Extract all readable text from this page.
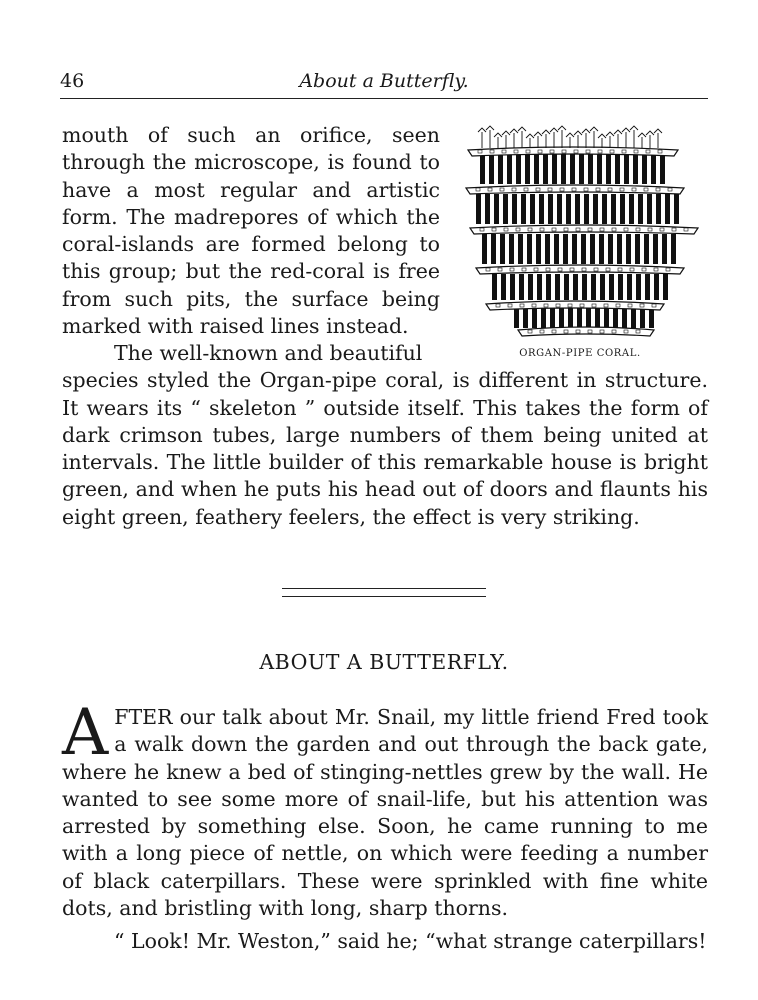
46	About a Butterfly.

mouth of such an orifice, seen through the microscope, is found to have a most regular and artistic form. The madrepores of which the coral-islands are formed belong to this group; but the red-coral is free from such pits, the surface being marked with raised lines instead.

ORGAN-PIPE CORAL.

The well-known and beautiful
species styled the Organ-pipe coral, is different in structure. It wears its “ skeleton ” outside itself. This takes the form of dark crimson tubes, large numbers of them being united at intervals. The little builder of this remarkable house is bright green, and when he puts his head out of doors and flaunts his eight green, feathery feelers, the effect is very striking.

ABOUT A BUTTERFLY.

AFTER our talk about Mr. Snail, my little friend Fred took a walk down the garden and out through the back gate, where he knew a bed of stinging-nettles grew by the wall. He wanted to see some more of snail-life, but his attention was arrested by something else. Soon, he came running to me with a long piece of nettle, on which were feeding a number of black caterpillars. These were sprinkled with fine white dots, and bristling with long, sharp thorns.

“ Look! Mr. Weston,” said he; “what strange caterpillars!
